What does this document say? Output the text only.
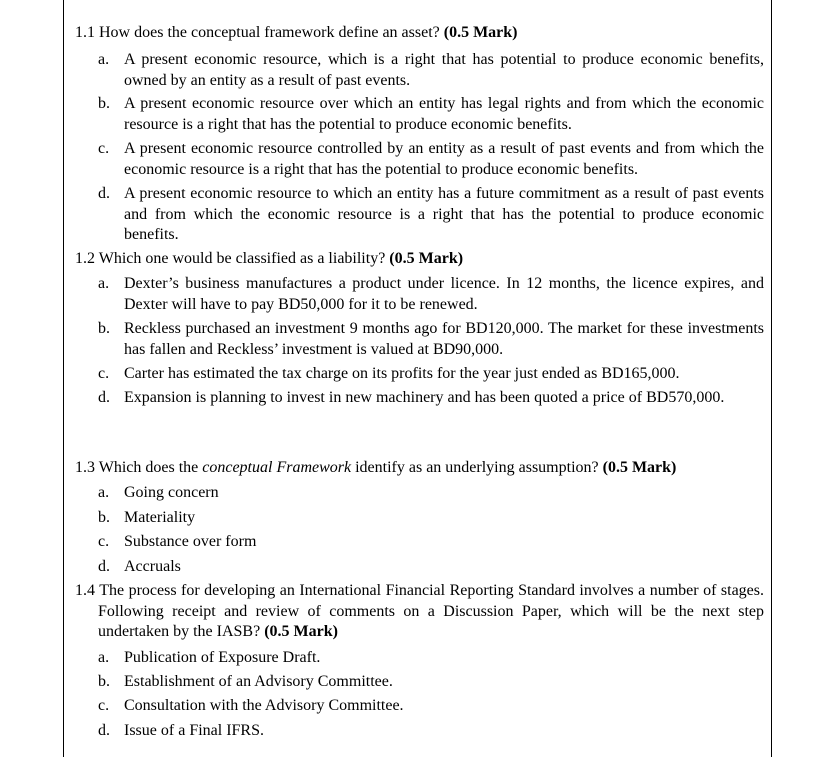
1.1 How does the conceptual framework define an asset? (0.5 Mark)
a. A present economic resource, which is a right that has potential to produce economic benefits, owned by an entity as a result of past events.
b. A present economic resource over which an entity has legal rights and from which the economic resource is a right that has the potential to produce economic benefits.
c. A present economic resource controlled by an entity as a result of past events and from which the economic resource is a right that has the potential to produce economic benefits.
d. A present economic resource to which an entity has a future commitment as a result of past events and from which the economic resource is a right that has the potential to produce economic benefits.
1.2 Which one would be classified as a liability? (0.5 Mark)
a. Dexter’s business manufactures a product under licence. In 12 months, the licence expires, and Dexter will have to pay BD50,000 for it to be renewed.
b. Reckless purchased an investment 9 months ago for BD120,000. The market for these investments has fallen and Reckless’ investment is valued at BD90,000.
c. Carter has estimated the tax charge on its profits for the year just ended as BD165,000.
d. Expansion is planning to invest in new machinery and has been quoted a price of BD570,000.
1.3 Which does the conceptual Framework identify as an underlying assumption? (0.5 Mark)
a. Going concern
b. Materiality
c. Substance over form
d. Accruals
1.4 The process for developing an International Financial Reporting Standard involves a number of stages. Following receipt and review of comments on a Discussion Paper, which will be the next step undertaken by the IASB? (0.5 Mark)
a. Publication of Exposure Draft.
b. Establishment of an Advisory Committee.
c. Consultation with the Advisory Committee.
d. Issue of a Final IFRS.
